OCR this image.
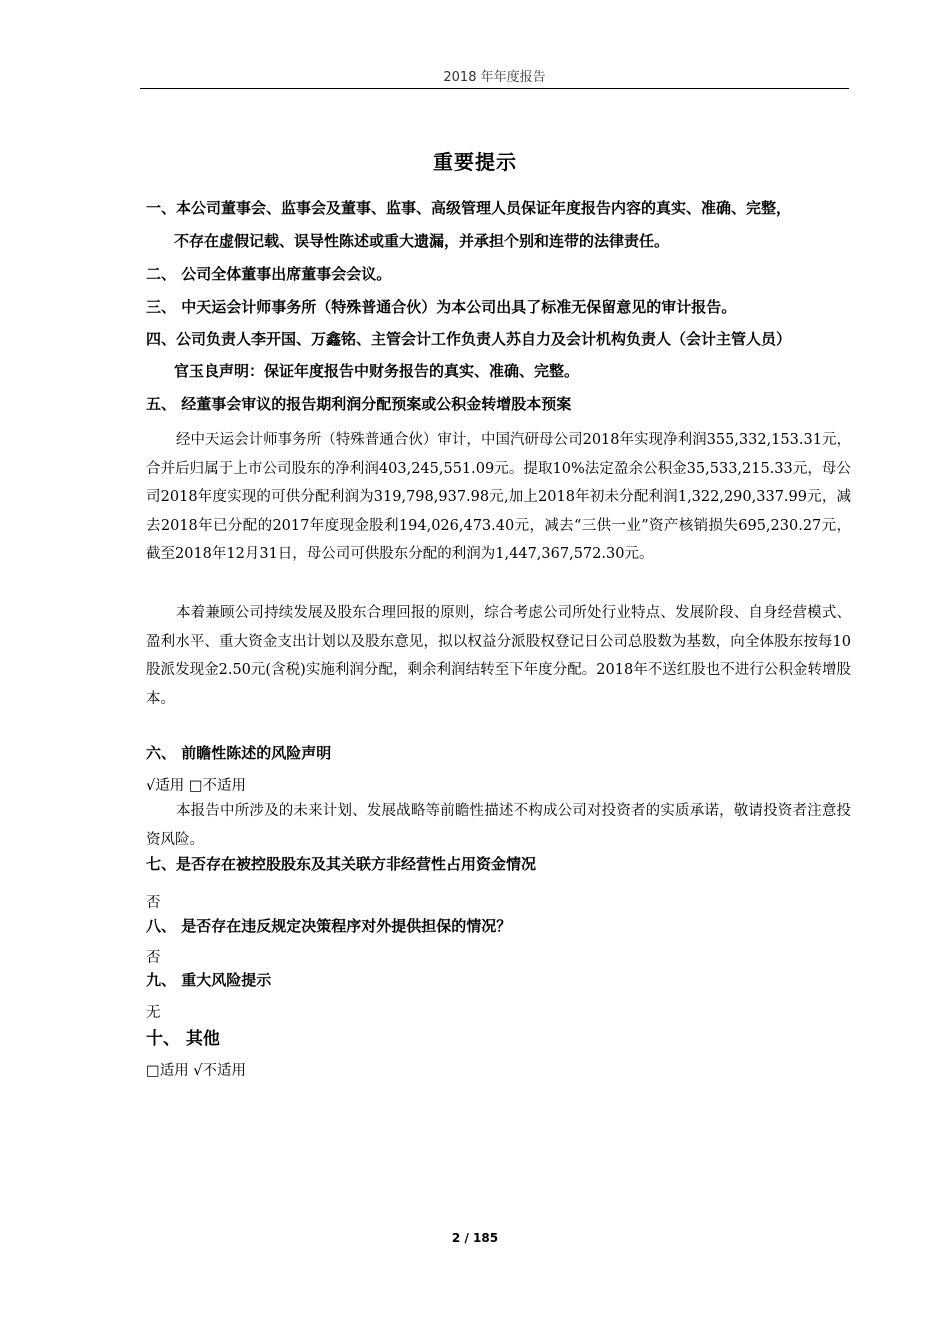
2018 年年度报告
重要提示
一、本公司董事会、监事会及董事、监事、高级管理人员保证年度报告内容的真实、准确、完整，
不存在虚假记载、误导性陈述或重大遗漏，并承担个别和连带的法律责任。
二、 公司全体董事出席董事会会议。
三、 中天运会计师事务所（特殊普通合伙）为本公司出具了标准无保留意见的审计报告。
四、公司负责人李开国、万鑫铭、主管会计工作负责人苏自力及会计机构负责人（会计主管人员）
官玉良声明：保证年度报告中财务报告的真实、准确、完整。
五、 经董事会审议的报告期利润分配预案或公积金转增股本预案

经中天运会计师事务所（特殊普通合伙）审计，中国汽研母公司2018年实现净利润355,332,153.31元，合并后归属于上市公司股东的净利润403,245,551.09元。提取10%法定盈余公积金35,533,215.33元，母公司2018年度实现的可供分配利润为319,798,937.98元,加上2018年初未分配利润1,322,290,337.99元，减去2018年已分配的2017年度现金股利194,026,473.40元，减去“三供一业”资产核销损失695,230.27元，截至2018年12月31日，母公司可供股东分配的利润为1,447,367,572.30元。

本着兼顾公司持续发展及股东合理回报的原则，综合考虑公司所处行业特点、发展阶段、自身经营模式、盈利水平、重大资金支出计划以及股东意见，拟以权益分派股权登记日公司总股数为基数，向全体股东按每10股派发现金2.50元(含税)实施利润分配，剩余利润结转至下年度分配。2018年不送红股也不进行公积金转增股本。

六、 前瞻性陈述的风险声明
√适用 □不适用

本报告中所涉及的未来计划、发展战略等前瞻性描述不构成公司对投资者的实质承诺，敬请投资者注意投资风险。

七、是否存在被控股股东及其关联方非经营性占用资金情况
否
八、 是否存在违反规定决策程序对外提供担保的情况？
否
九、 重大风险提示
无
十、 其他
□适用 √不适用
2 / 185
